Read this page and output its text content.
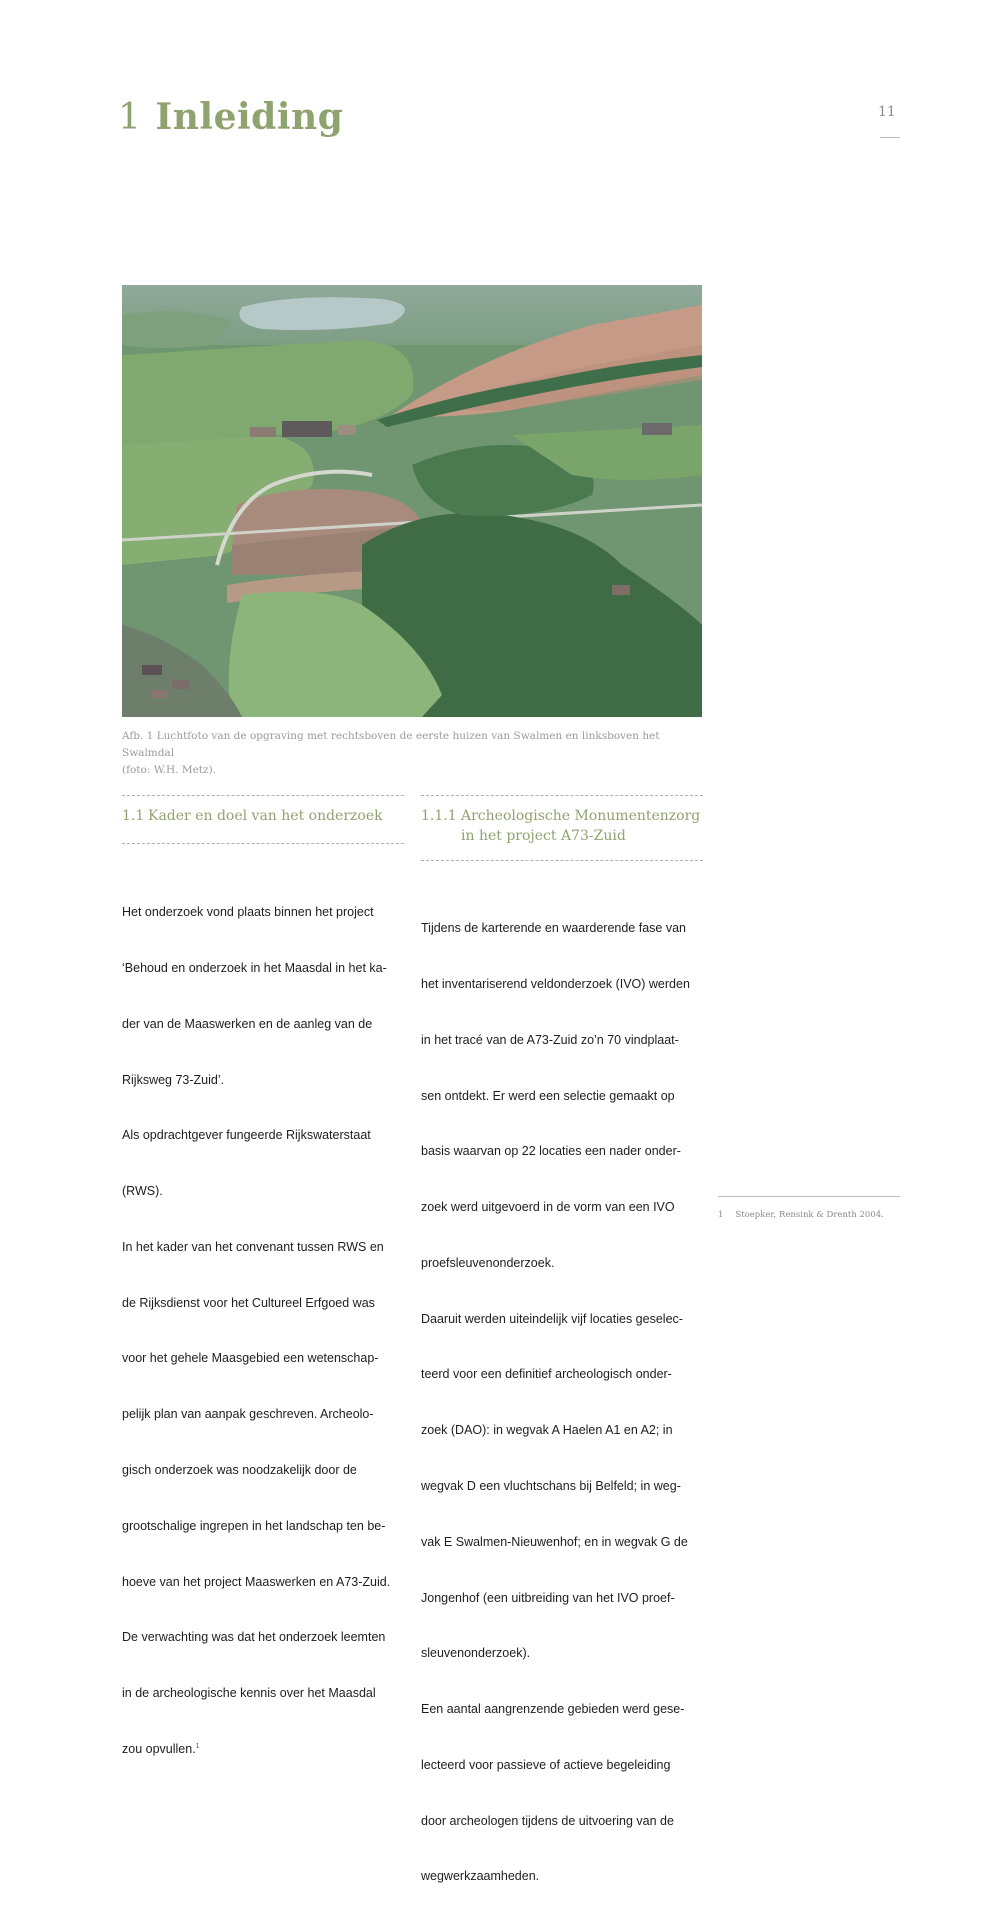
1 Inleiding	11
Afb. 1 Luchtfoto van de opgraving met rechtsboven de eerste huizen van Swalmen en linksboven het Swalmdal
(foto: W.H. Metz).
1.1 Kader en doel van het onderzoek	1.1.1 Archeologische Monumentenzorg
in het project A73-Zuid

Het onderzoek vond plaats binnen het project

‘Behoud en onderzoek in het Maasdal in het ka-

der van de Maaswerken en de aanleg van de

Rijksweg 73-Zuid’.

Als opdrachtgever fungeerde Rijkswaterstaat

(RWS).

In het kader van het convenant tussen RWS en

de Rijksdienst voor het Cultureel Erfgoed was

voor het gehele Maasgebied een wetenschap-

pelijk plan van aanpak geschreven. Archeolo-

gisch onderzoek was noodzakelijk door de

grootschalige ingrepen in het landschap ten be-

hoeve van het project Maaswerken en A73-Zuid.

De verwachting was dat het onderzoek leemten

in de archeologische kennis over het Maasdal

zou opvullen.$^1$

Tijdens de karterende en waarderende fase van

het inventariserend veldonderzoek (IVO) werden

in het tracé van de A73-Zuid zo’n 70 vindplaat-

sen ontdekt. Er werd een selectie gemaakt op

basis waarvan op 22 locaties een nader onder-

zoek werd uitgevoerd in de vorm van een IVO

proefsleuvenonderzoek.

Daaruit werden uiteindelijk vijf locaties geselec-

teerd voor een definitief archeologisch onder-

zoek (DAO): in wegvak A Haelen A1 en A2; in

wegvak D een vluchtschans bij Belfeld; in weg-

vak E Swalmen-Nieuwenhof; en in wegvak G de

Jongenhof (een uitbreiding van het IVO proef-

sleuvenonderzoek).

Een aantal aangrenzende gebieden werd gese-

lecteerd voor passieve of actieve begeleiding

door archeologen tijdens de uitvoering van de

wegwerkzaamheden.

1 Stoepker, Rensink & Drenth 2004.
